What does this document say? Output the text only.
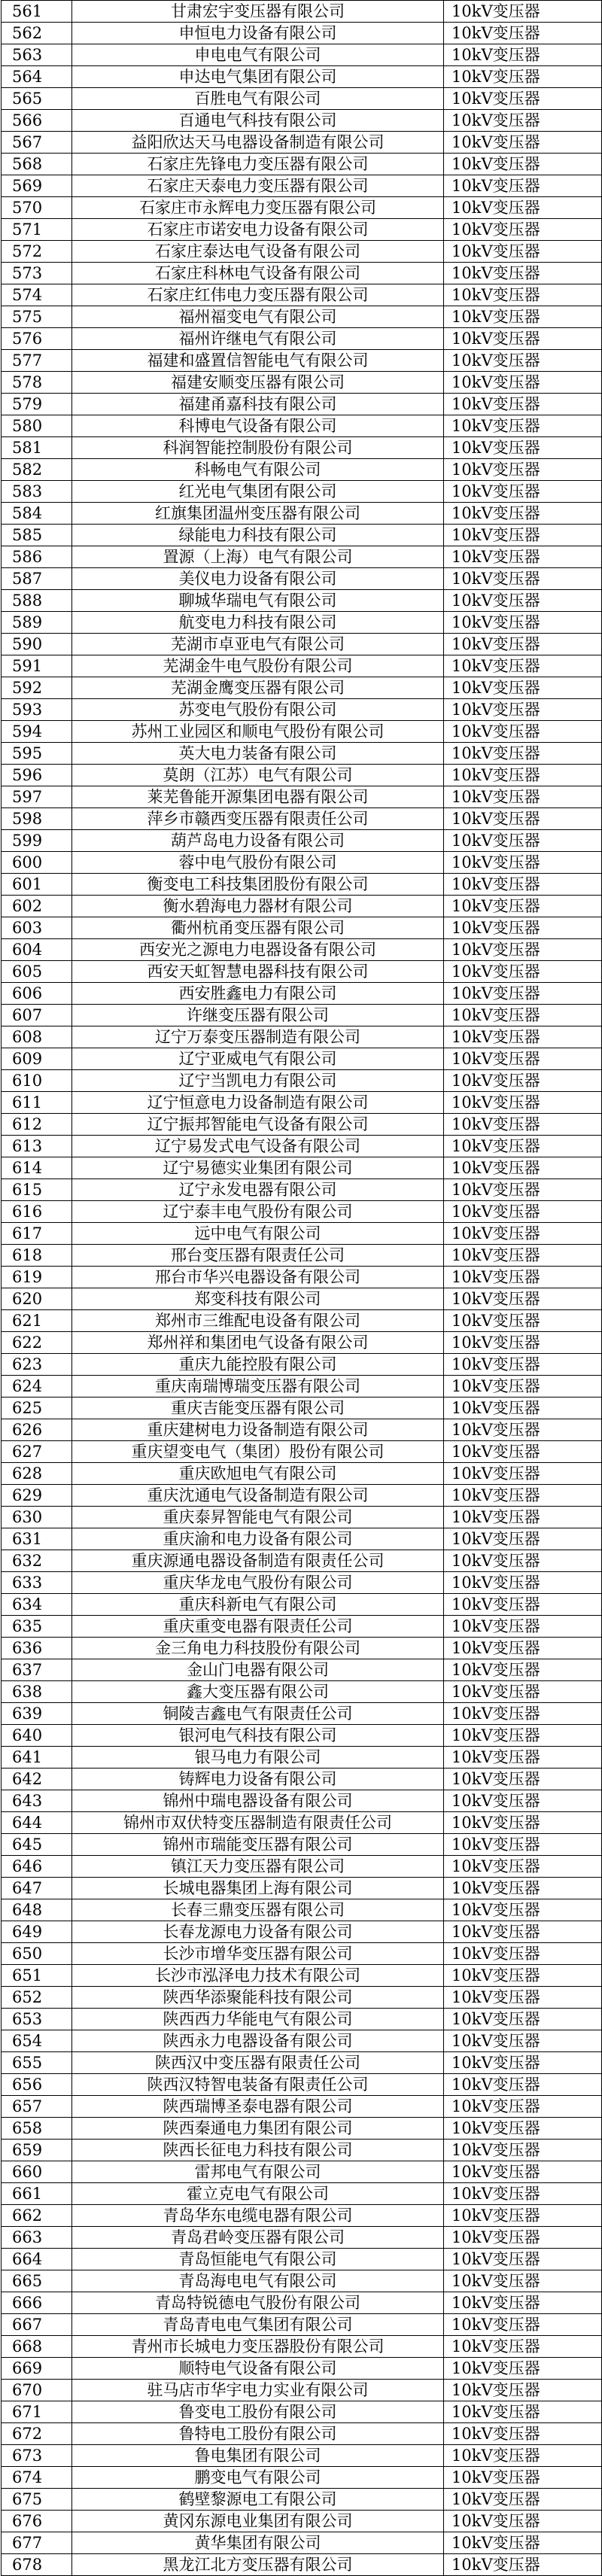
561	甘肃宏宇变压器有限公司	10kV变压器
562	申恒电力设备有限公司	10kV变压器
563	申电电气有限公司	10kV变压器
564	申达电气集团有限公司	10kV变压器
565	百胜电气有限公司	10kV变压器
566	百通电气科技有限公司	10kV变压器
567	益阳欣达天马电器设备制造有限公司	10kV变压器
568	石家庄先锋电力变压器有限公司	10kV变压器
569	石家庄天泰电力变压器有限公司	10kV变压器
570	石家庄市永辉电力变压器有限公司	10kV变压器
571	石家庄市诺安电力设备有限公司	10kV变压器
572	石家庄泰达电气设备有限公司	10kV变压器
573	石家庄科林电气设备有限公司	10kV变压器
574	石家庄红伟电力变压器有限公司	10kV变压器
575	福州福变电气有限公司	10kV变压器
576	福州许继电气有限公司	10kV变压器
577	福建和盛置信智能电气有限公司	10kV变压器
578	福建安顺变压器有限公司	10kV变压器
579	福建甬嘉科技有限公司	10kV变压器
580	科博电气设备有限公司	10kV变压器
581	科润智能控制股份有限公司	10kV变压器
582	科畅电气有限公司	10kV变压器
583	红光电气集团有限公司	10kV变压器
584	红旗集团温州变压器有限公司	10kV变压器
585	绿能电力科技有限公司	10kV变压器
586	置源（上海）电气有限公司	10kV变压器
587	美仪电力设备有限公司	10kV变压器
588	聊城华瑞电气有限公司	10kV变压器
589	航变电力科技有限公司	10kV变压器
590	芜湖市卓亚电气有限公司	10kV变压器
591	芜湖金牛电气股份有限公司	10kV变压器
592	芜湖金鹰变压器有限公司	10kV变压器
593	苏变电气股份有限公司	10kV变压器
594	苏州工业园区和顺电气股份有限公司	10kV变压器
595	英大电力装备有限公司	10kV变压器
596	莫朗（江苏）电气有限公司	10kV变压器
597	莱芜鲁能开源集团电器有限公司	10kV变压器
598	萍乡市赣西变压器有限责任公司	10kV变压器
599	葫芦岛电力设备有限公司	10kV变压器
600	蓉中电气股份有限公司	10kV变压器
601	衡变电工科技集团股份有限公司	10kV变压器
602	衡水碧海电力器材有限公司	10kV变压器
603	衢州杭甬变压器有限公司	10kV变压器
604	西安光之源电力电器设备有限公司	10kV变压器
605	西安天虹智慧电器科技有限公司	10kV变压器
606	西安胜鑫电力有限公司	10kV变压器
607	许继变压器有限公司	10kV变压器
608	辽宁万泰变压器制造有限公司	10kV变压器
609	辽宁亚威电气有限公司	10kV变压器
610	辽宁当凯电力有限公司	10kV变压器
611	辽宁恒意电力设备制造有限公司	10kV变压器
612	辽宁振邦智能电气设备有限公司	10kV变压器
613	辽宁易发式电气设备有限公司	10kV变压器
614	辽宁易德实业集团有限公司	10kV变压器
615	辽宁永发电器有限公司	10kV变压器
616	辽宁泰丰电气股份有限公司	10kV变压器
617	远中电气有限公司	10kV变压器
618	邢台变压器有限责任公司	10kV变压器
619	邢台市华兴电器设备有限公司	10kV变压器
620	郑变科技有限公司	10kV变压器
621	郑州市三维配电设备有限公司	10kV变压器
622	郑州祥和集团电气设备有限公司	10kV变压器
623	重庆九能控股有限公司	10kV变压器
624	重庆南瑞博瑞变压器有限公司	10kV变压器
625	重庆吉能变压器有限公司	10kV变压器
626	重庆建树电力设备制造有限公司	10kV变压器
627	重庆望变电气（集团）股份有限公司	10kV变压器
628	重庆欧旭电气有限公司	10kV变压器
629	重庆沈通电气设备制造有限公司	10kV变压器
630	重庆泰昇智能电气有限公司	10kV变压器
631	重庆渝和电力设备有限公司	10kV变压器
632	重庆源通电器设备制造有限责任公司	10kV变压器
633	重庆华龙电气股份有限公司	10kV变压器
634	重庆科新电气有限公司	10kV变压器
635	重庆重变电器有限责任公司	10kV变压器
636	金三角电力科技股份有限公司	10kV变压器
637	金山门电器有限公司	10kV变压器
638	鑫大变压器有限公司	10kV变压器
639	铜陵吉鑫电气有限责任公司	10kV变压器
640	银河电气科技有限公司	10kV变压器
641	银马电力有限公司	10kV变压器
642	铸辉电力设备有限公司	10kV变压器
643	锦州中瑞电器设备有限公司	10kV变压器
644	锦州市双伏特变压器制造有限责任公司	10kV变压器
645	锦州市瑞能变压器有限公司	10kV变压器
646	镇江天力变压器有限公司	10kV变压器
647	长城电器集团上海有限公司	10kV变压器
648	长春三鼎变压器有限公司	10kV变压器
649	长春龙源电力设备有限公司	10kV变压器
650	长沙市增华变压器有限公司	10kV变压器
651	长沙市泓泽电力技术有限公司	10kV变压器
652	陕西华添聚能科技有限公司	10kV变压器
653	陕西西力华能电气有限公司	10kV变压器
654	陕西永力电器设备有限公司	10kV变压器
655	陕西汉中变压器有限责任公司	10kV变压器
656	陕西汉特智电装备有限责任公司	10kV变压器
657	陕西瑞博圣泰电器有限公司	10kV变压器
658	陕西秦通电力集团有限公司	10kV变压器
659	陕西长征电力科技有限公司	10kV变压器
660	雷邦电气有限公司	10kV变压器
661	霍立克电气有限公司	10kV变压器
662	青岛华东电缆电器有限公司	10kV变压器
663	青岛君岭变压器有限公司	10kV变压器
664	青岛恒能电气有限公司	10kV变压器
665	青岛海电电气有限公司	10kV变压器
666	青岛特锐德电气股份有限公司	10kV变压器
667	青岛青电电气集团有限公司	10kV变压器
668	青州市长城电力变压器股份有限公司	10kV变压器
669	顺特电气设备有限公司	10kV变压器
670	驻马店市华宇电力实业有限公司	10kV变压器
671	鲁变电工股份有限公司	10kV变压器
672	鲁特电工股份有限公司	10kV变压器
673	鲁电集团有限公司	10kV变压器
674	鹏变电气有限公司	10kV变压器
675	鹤壁黎源电工有限公司	10kV变压器
676	黄冈东源电业集团有限公司	10kV变压器
677	黄华集团有限公司	10kV变压器
678	黑龙江北方变压器有限公司	10kV变压器
